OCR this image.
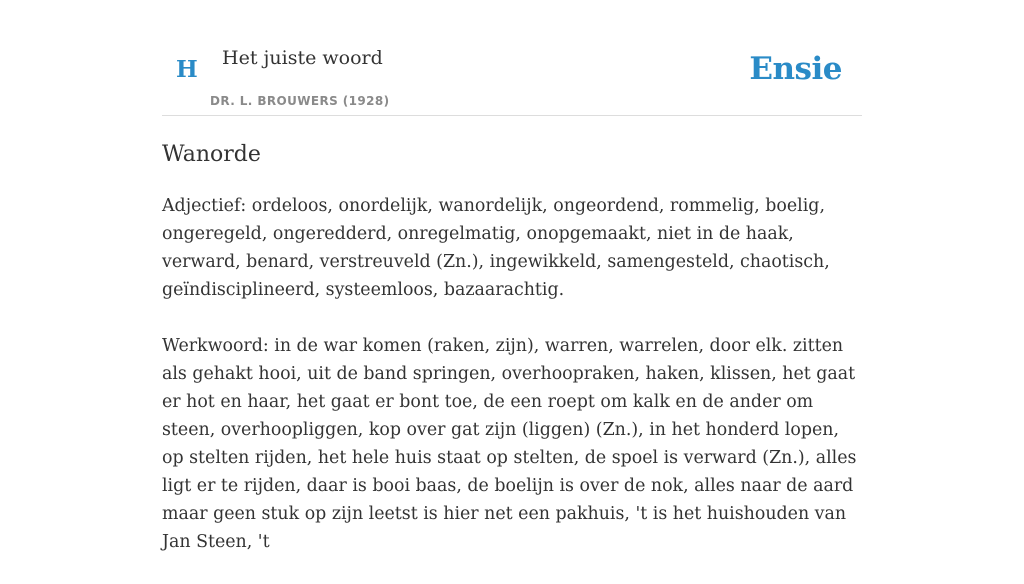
H Het juiste woord
DR. L. BROUWERS (1928)
Ensie
Wanorde

Adjectief: ordeloos, onordelijk, wanordelijk, ongeordend, rommelig, boelig, ongeregeld, ongeredderd, onregelmatig, onopgemaakt, niet in de haak, verward, benard, verstreuveld (Zn.), ingewikkeld, samengesteld, chaotisch, geïndisciplineerd, systeemloos, bazaarachtig.

Werkwoord: in de war komen (raken, zijn), warren, warrelen, door elk. zitten als gehakt hooi, uit de band springen, overhoopraken, haken, klissen, het gaat er hot en haar, het gaat er bont toe, de een roept om kalk en de ander om steen, overhoopliggen, kop over gat zijn (liggen) (Zn.), in het honderd lopen, op stelten rijden, het hele huis staat op stelten, de spoel is verward (Zn.), alles ligt er te rijden, daar is booi baas, de boelijn is over de nok, alles naar de aard maar geen stuk op zijn leetst is hier net een pakhuis, 't is het huishouden van Jan Steen, 't
